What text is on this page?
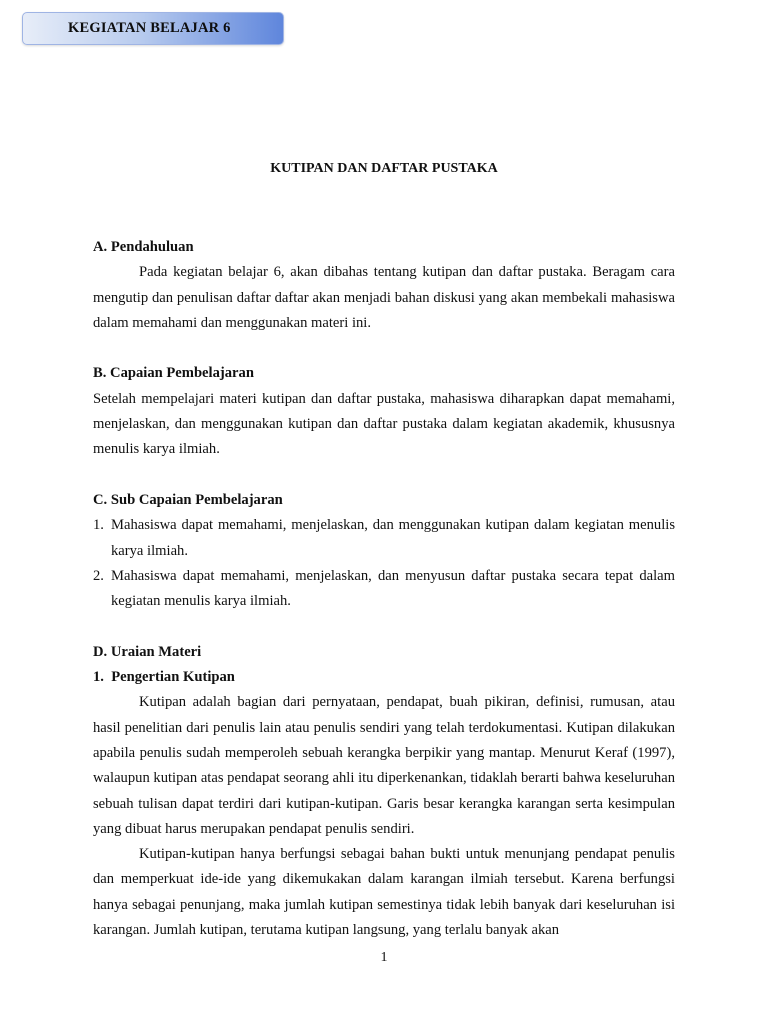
KEGIATAN BELAJAR 6
KUTIPAN DAN DAFTAR PUSTAKA

A. Pendahuluan

Pada kegiatan belajar 6, akan dibahas tentang kutipan dan daftar pustaka. Beragam cara mengutip dan penulisan daftar daftar akan menjadi bahan diskusi yang akan membekali mahasiswa dalam memahami dan menggunakan materi ini.

B. Capaian Pembelajaran

Setelah mempelajari materi kutipan dan daftar pustaka, mahasiswa diharapkan dapat memahami, menjelaskan, dan menggunakan kutipan dan daftar pustaka dalam kegiatan akademik, khususnya menulis karya ilmiah.

C. Sub Capaian Pembelajaran

1. Mahasiswa dapat memahami, menjelaskan, dan menggunakan kutipan dalam kegiatan menulis karya ilmiah.
2. Mahasiswa dapat memahami, menjelaskan, dan menyusun daftar pustaka secara tepat dalam kegiatan menulis karya ilmiah.

D. Uraian Materi

1. Pengertian Kutipan

Kutipan adalah bagian dari pernyataan, pendapat, buah pikiran, definisi, rumusan, atau hasil penelitian dari penulis lain atau penulis sendiri yang telah terdokumentasi. Kutipan dilakukan apabila penulis sudah memperoleh sebuah kerangka berpikir yang mantap. Menurut Keraf (1997), walaupun kutipan atas pendapat seorang ahli itu diperkenankan, tidaklah berarti bahwa keseluruhan sebuah tulisan dapat terdiri dari kutipan-kutipan. Garis besar kerangka karangan serta kesimpulan yang dibuat harus merupakan pendapat penulis sendiri.

Kutipan-kutipan hanya berfungsi sebagai bahan bukti untuk menunjang pendapat penulis dan memperkuat ide-ide yang dikemukakan dalam karangan ilmiah tersebut. Karena berfungsi hanya sebagai penunjang, maka jumlah kutipan semestinya tidak lebih banyak dari keseluruhan isi karangan. Jumlah kutipan, terutama kutipan langsung, yang terlalu banyak akan

1
